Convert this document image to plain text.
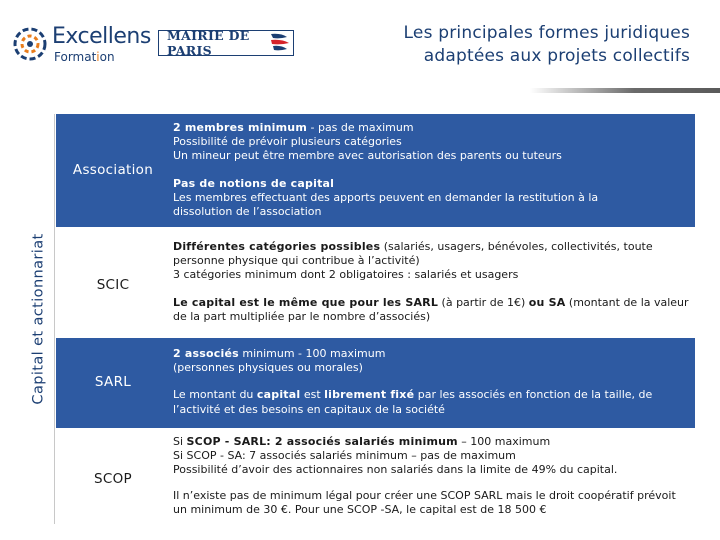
Excellens
Formation
MAIRIE DE PARIS
Les principales formes juridiques
adaptées aux projets collectifs
Capital et actionnariat
Association

2 membres minimum - pas de maximum

Possibilité de prévoir plusieurs catégories

Un mineur peut être membre avec autorisation des parents ou tuteurs

Pas de notions de capital

Les membres effectuant des apports peuvent en demander la restitution à la

dissolution de l’association

SCIC

Différentes catégories possibles (salariés, usagers, bénévoles, collectivités, toute personne physique qui contribue à l’activité)

3 catégories minimum dont 2 obligatoires : salariés et usagers

Le capital est le même que pour les SARL (à partir de 1€) ou SA (montant de la valeur de la part multipliée par le nombre d’associés)

SARL

2 associés minimum - 100 maximum

(personnes physiques ou morales)

Le montant du capital est librement fixé par les associés en fonction de la taille, de l’activité et des besoins en capitaux de la société

SCOP

Si SCOP - SARL: 2 associés salariés minimum – 100 maximum

Si SCOP - SA: 7 associés salariés minimum – pas de maximum

Possibilité d’avoir des actionnaires non salariés dans la limite de 49% du capital.

Il n’existe pas de minimum légal pour créer une SCOP SARL mais le droit coopératif prévoit un minimum de 30 €. Pour une SCOP -SA, le capital est de 18 500 €
